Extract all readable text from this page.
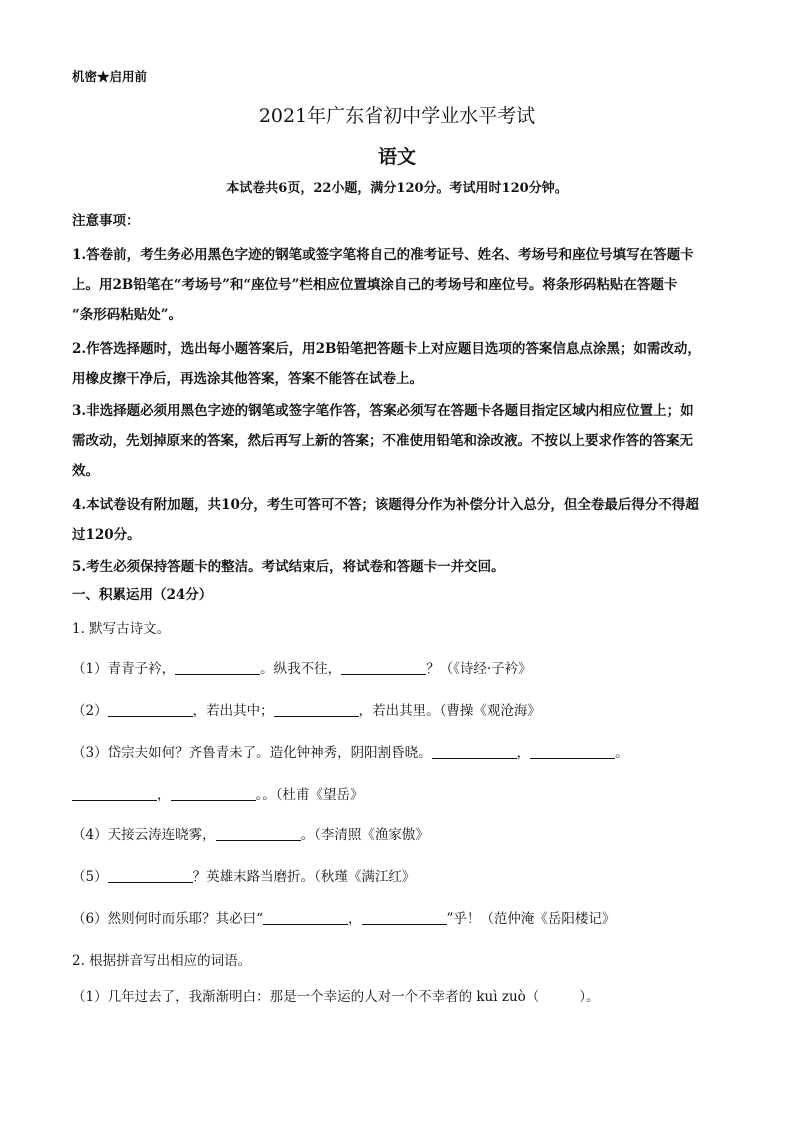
机密★启用前
2021年广东省初中学业水平考试
语文
本试卷共6页，22小题，满分120分。考试用时120分钟。
注意事项：
1.答卷前，考生务必用黑色字迹的钢笔或签字笔将自己的准考证号、姓名、考场号和座位号填写在答题卡
上。用2B铅笔在“考场号”和“座位号”栏相应位置填涂自己的考场号和座位号。将条形码粘贴在答题卡
“条形码粘贴处”。
2.作答选择题时，选出每小题答案后，用2B铅笔把答题卡上对应题目选项的答案信息点涂黑；如需改动，
用橡皮擦干净后，再选涂其他答案，答案不能答在试卷上。
3.非选择题必须用黑色字迹的钢笔或签字笔作答，答案必须写在答题卡各题目指定区域内相应位置上；如
需改动，先划掉原来的答案，然后再写上新的答案；不准使用铅笔和涂改液。不按以上要求作答的答案无
效。
4.本试卷设有附加题，共10分，考生可答可不答；该题得分作为补偿分计入总分，但全卷最后得分不得超
过120分。
5.考生必须保持答题卡的整洁。考试结束后，将试卷和答题卡一并交回。
一、积累运用（24分）
1. 默写古诗文。
（1）青青子衿，	。纵我不往，	？（《诗经·子衿》
（2）	，若出其中；	，若出其里。（曹操《观沧海》
（3）岱宗夫如何？齐鲁青未了。造化钟神秀，阴阳割昏晓。	，	。
，	。。（杜甫《望岳》
（4）天接云涛连晓雾，	。（李清照《渔家傲》
（5）	？英雄末路当磨折。（秋瑾《满江红》
（6）然则何时而乐耶？其必曰“	，	”乎！（范仲淹《岳阳楼记》
2. 根据拼音写出相应的词语。
（1）几年过去了，我渐渐明白：那是一个幸运的人对一个不幸者的 kuì zuò（	）。
